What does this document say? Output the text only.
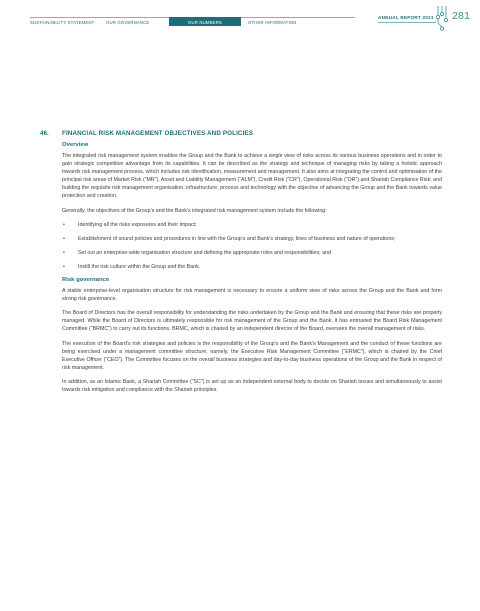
SUSTAINABILITY STATEMENT	OUR GOVERNANCE	OUR NUMBERS	OTHER INFORMATION
ANNUAL REPORT 2021 281
46. FINANCIAL RISK MANAGEMENT OBJECTIVES AND POLICIES
Overview

The integrated risk management system enables the Group and the Bank to achieve a single view of risks across its various business operations and in order to gain strategic competitive advantage from its capabilities. It can be described as the strategy and technique of managing risks by taking a holistic approach towards risk management process, which includes risk identification, measurement and management. It also aims at integrating the control and optimisation of the principal risk areas of Market Risk (“MR”), Asset and Liability Management (“ALM”), Credit Risk (“CR”), Operational Risk (“OR”) and Shariah Compliance Risk; and building the requisite risk management organisation, infrastructure, process and technology with the objective of advancing the Group and the Bank towards value protection and creation.

Generally, the objectives of the Group’s and the Bank’s integrated risk management system include the following:

• Identifying all the risks exposures and their impact;
• Establishment of sound policies and procedures in line with the Group’s and Bank’s strategy, lines of business and nature of operations;
• Set out an enterprise-wide organisation structure and defining the appropriate roles and responsibilities; and
• Instill the risk culture within the Group and the Bank.
Risk governance

A stable enterprise-level organisation structure for risk management is necessary to ensure a uniform view of risks across the Group and the Bank and form strong risk governance.

The Board of Directors has the overall responsibility for understanding the risks undertaken by the Group and the Bank and ensuring that these risks are properly managed. While the Board of Directors is ultimately responsible for risk management of the Group and the Bank, it has entrusted the Board Risk Management Committee (“BRMC”) to carry out its functions. BRMC, which is chaired by an independent director of the Board, oversees the overall management of risks.

The execution of the Board’s risk strategies and policies is the responsibility of the Group’s and the Bank’s Management and the conduct of these functions are being exercised under a management committee structure, namely, the Executive Risk Management Committee (“ERMC”), which is chaired by the Chief Executive Officer (“CEO”). The Committee focuses on the overall business strategies and day-to-day business operations of the Group and the Bank in respect of risk management.

In addition, as an Islamic Bank, a Shariah Committee (“SC”) is set up as an independent external body to decide on Shariah issues and simultaneously to assist towards risk mitigation and compliance with the Shariah principles.
